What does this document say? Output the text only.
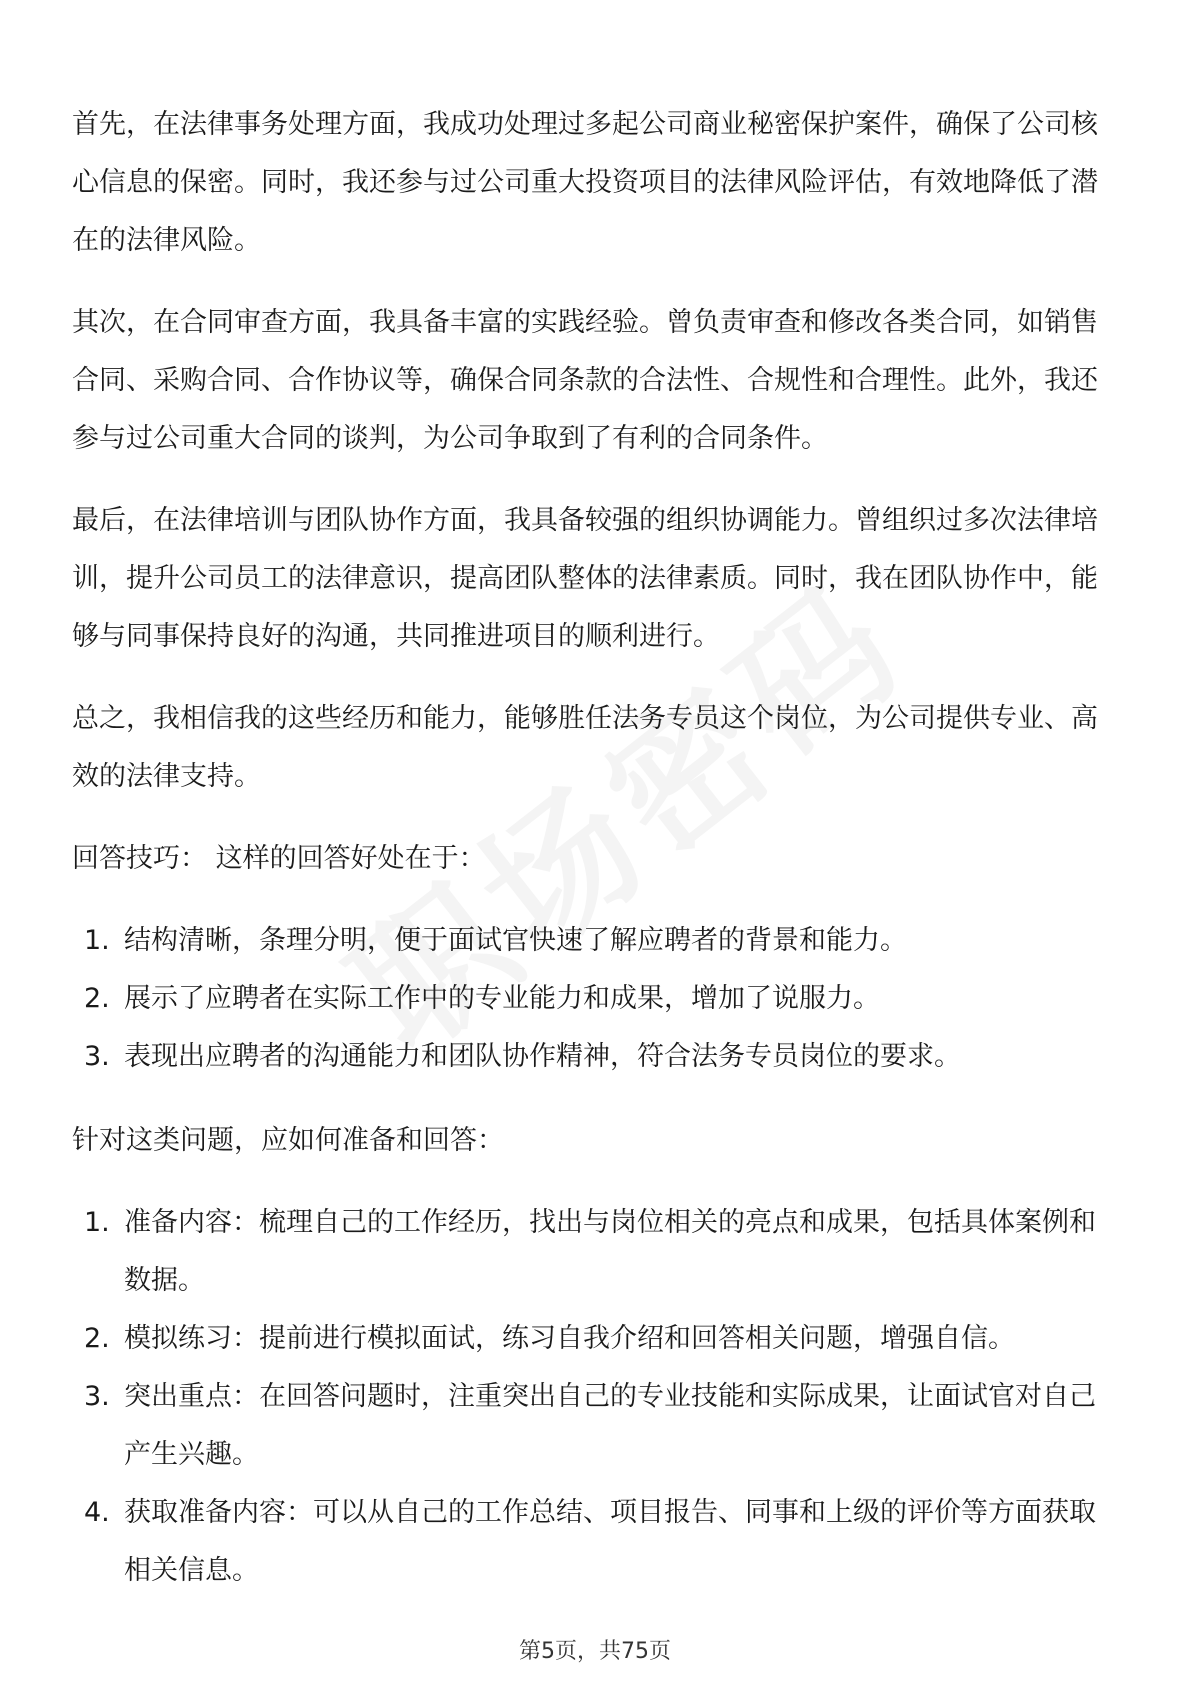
首先，在法律事务处理方面，我成功处理过多起公司商业秘密保护案件，确保了公司核心信息的保密。同时，我还参与过公司重大投资项目的法律风险评估，有效地降低了潜在的法律风险。

其次，在合同审查方面，我具备丰富的实践经验。曾负责审查和修改各类合同，如销售合同、采购合同、合作协议等，确保合同条款的合法性、合规性和合理性。此外，我还参与过公司重大合同的谈判，为公司争取到了有利的合同条件。

最后，在法律培训与团队协作方面，我具备较强的组织协调能力。曾组织过多次法律培训，提升公司员工的法律意识，提高团队整体的法律素质。同时，我在团队协作中，能够与同事保持良好的沟通，共同推进项目的顺利进行。

总之，我相信我的这些经历和能力，能够胜任法务专员这个岗位，为公司提供专业、高效的法律支持。

回答技巧： 这样的回答好处在于：

1. 结构清晰，条理分明，便于面试官快速了解应聘者的背景和能力。
2. 展示了应聘者在实际工作中的专业能力和成果，增加了说服力。
3. 表现出应聘者的沟通能力和团队协作精神，符合法务专员岗位的要求。

针对这类问题，应如何准备和回答：

1. 准备内容：梳理自己的工作经历，找出与岗位相关的亮点和成果，包括具体案例和数据。
2. 模拟练习：提前进行模拟面试，练习自我介绍和回答相关问题，增强自信。
3. 突出重点：在回答问题时，注重突出自己的专业技能和实际成果，让面试官对自己产生兴趣。
4. 获取准备内容：可以从自己的工作总结、项目报告、同事和上级的评价等方面获取相关信息。
第5页，共75页
